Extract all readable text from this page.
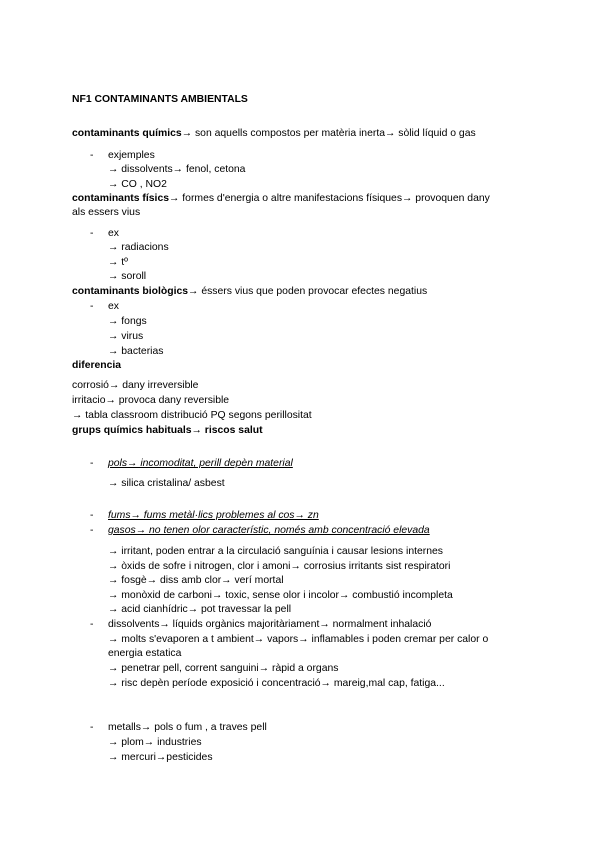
NF1 CONTAMINANTS AMBIENTALS
contaminants químics→ son aquells compostos per matèria inerta→ sòlid líquid o gas
- exjemples
→ dissolvents→ fenol, cetona
→ CO , NO2
contaminants físics→ formes d'energia o altre manifestacions físiques→ provoquen dany
als essers vius
- ex
→ radiacions
→ tº
→ soroll
contaminants biològics→ éssers vius que poden provocar efectes negatius
- ex
→ fongs
→ virus
→ bacterias
diferencia
corrosió→ dany irreversible
irritacio→ provoca dany reversible
→ tabla classroom distribució PQ segons perillositat
grups químics habituals→ riscos salut
- pols→ incomoditat, perill depèn material
→ silica cristalina/ asbest
- fums→ fums metàl·lics problemes al cos→ zn
- gasos→ no tenen olor característic, només amb concentració elevada
→ irritant, poden entrar a la circulació sanguínia i causar lesions internes
→ òxids de sofre i nitrogen, clor i amoni→ corrosius irritants sist respiratori
→ fosgè→ diss amb clor→ verí mortal
→ monòxid de carboni→ toxic, sense olor i incolor→ combustió incompleta
→ acid cianhídric→ pot travessar la pell
- dissolvents→ líquids orgànics majoritàriament→ normalment inhalació
→ molts s'evaporen a t ambient→ vapors→ inflamables i poden cremar per calor o
energia estatica
→ penetrar pell, corrent sanguini→ ràpid a organs
→ risc depèn període exposició i concentració→ mareig,mal cap, fatiga...
- metalls→ pols o fum , a traves pell
→ plom→ industries
→ mercuri→pesticides
